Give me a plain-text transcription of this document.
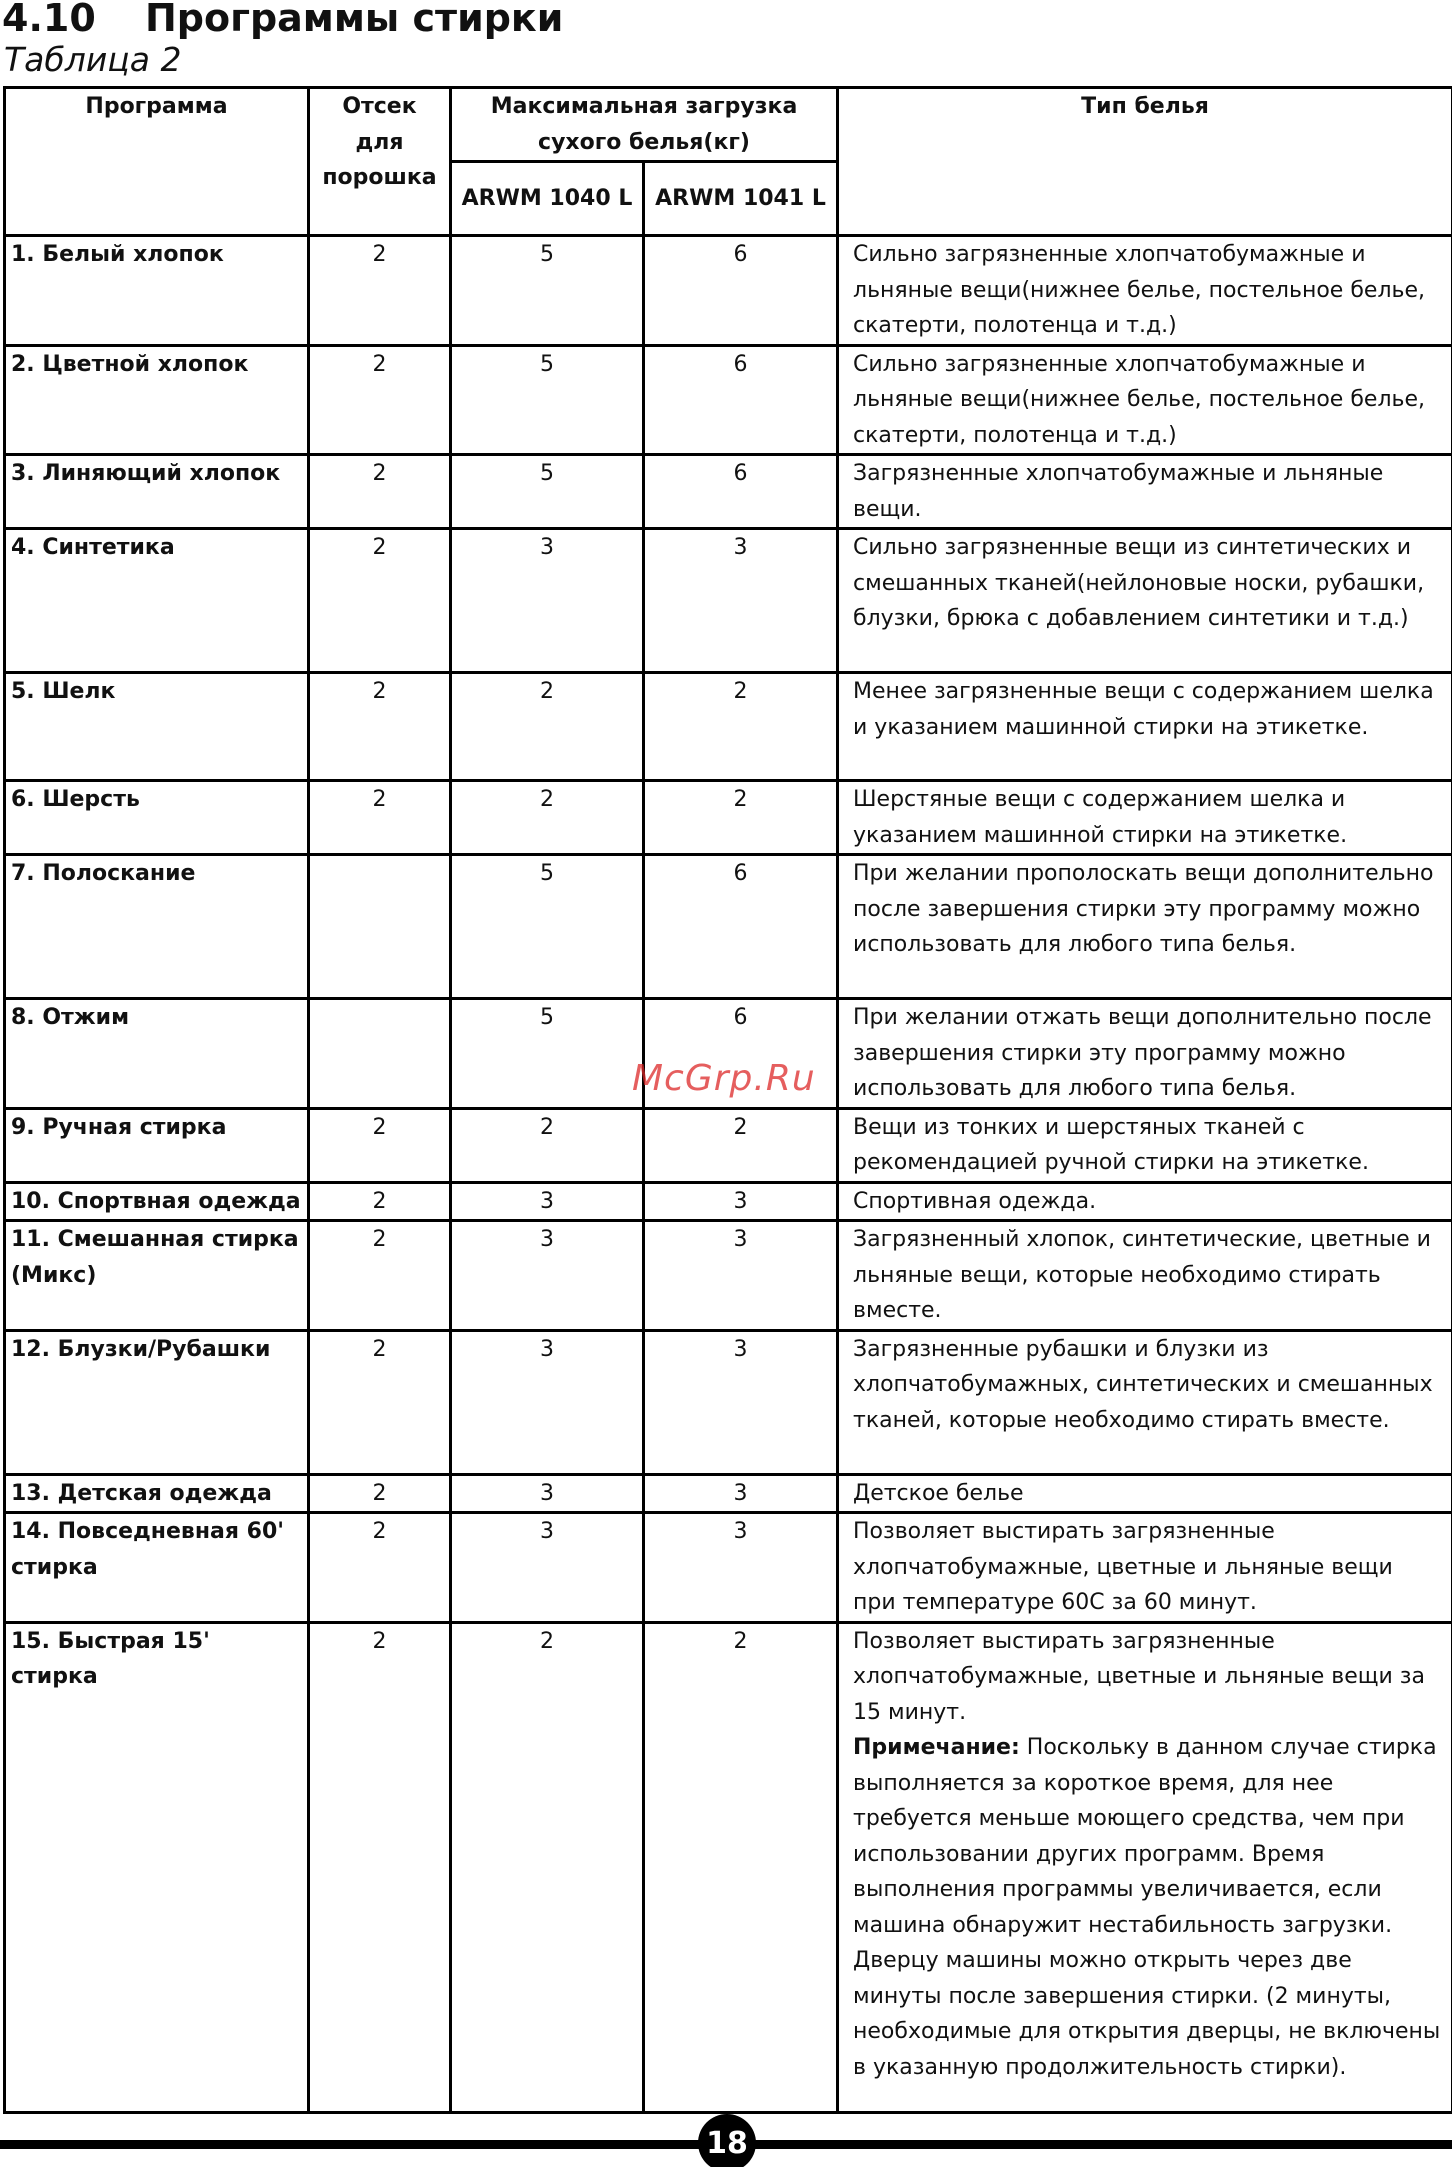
4.10	Программы стирки
Таблица 2
Программа	Отсек для порошка	Максимальная загрузка сухого белья(кг)		Тип белья
		ARWM 1040 L	ARWM 1041 L	
1. Белый хлопок	2	5	6	Сильно загрязненные хлопчатобумажные и льняные вещи(нижнее белье, постельное белье, скатерти, полотенца и т.д.)
2. Цветной хлопок	2	5	6	Сильно загрязненные хлопчатобумажные и льняные вещи(нижнее белье, постельное белье, скатерти, полотенца и т.д.)
3. Линяющий хлопок	2	5	6	Загрязненные хлопчатобумажные и льняные вещи.
4. Синтетика	2	3	3	Сильно загрязненные вещи из синтетических и смешанных тканей(нейлоновые носки, рубашки, блузки, брюка с добавлением синтетики и т.д.)
5. Шелк	2	2	2	Менее загрязненные вещи с содержанием шелка и указанием машинной стирки на этикетке.
6. Шерсть	2	2	2	Шерстяные вещи с содержанием шелка и указанием машинной стирки на этикетке.
7. Полоскание		5	6	При желании прополоскать вещи дополнительно после завершения стирки эту программу можно использовать для любого типа белья.
8. Отжим		5	6	При желании отжать вещи дополнительно после завершения стирки эту программу можно использовать для любого типа белья.
9. Ручная стирка	2	2	2	Вещи из тонких и шерстяных тканей с рекомендацией ручной стирки на этикетке.
10. Спортвная одежда	2	3	3	Спортивная одежда.
11. Смешанная стирка (Микс)	2	3	3	Загрязненный хлопок, синтетические, цветные и льняные вещи, которые необходимо стирать вместе.
12. Блузки/Рубашки	2	3	3	Загрязненные рубашки и блузки из хлопчатобумажных, синтетических и смешанных тканей, которые необходимо стирать вместе.
13. Детская одежда	2	3	3	Детское белье
14. Повседневная 60' стирка	2	3	3	Позволяет выстирать загрязненные хлопчатобумажные, цветные и льняные вещи при температуре 60С за 60 минут.
15. Быстрая 15' стирка	2	2	2	Позволяет выстирать загрязненные хлопчатобумажные, цветные и льняные вещи за 15 минут.
Примечание: Поскольку в данном случае стирка выполняется за короткое время, для нее требуется меньше моющего средства, чем при использовании других программ. Время выполнения программы увеличивается, если машина обнаружит нестабильность загрузки. Дверцу машины можно открыть через две минуты после завершения стирки. (2 минуты, необходимые для открытия дверцы, не включены в указанную продолжительность стирки).
McGrp.Ru
18
